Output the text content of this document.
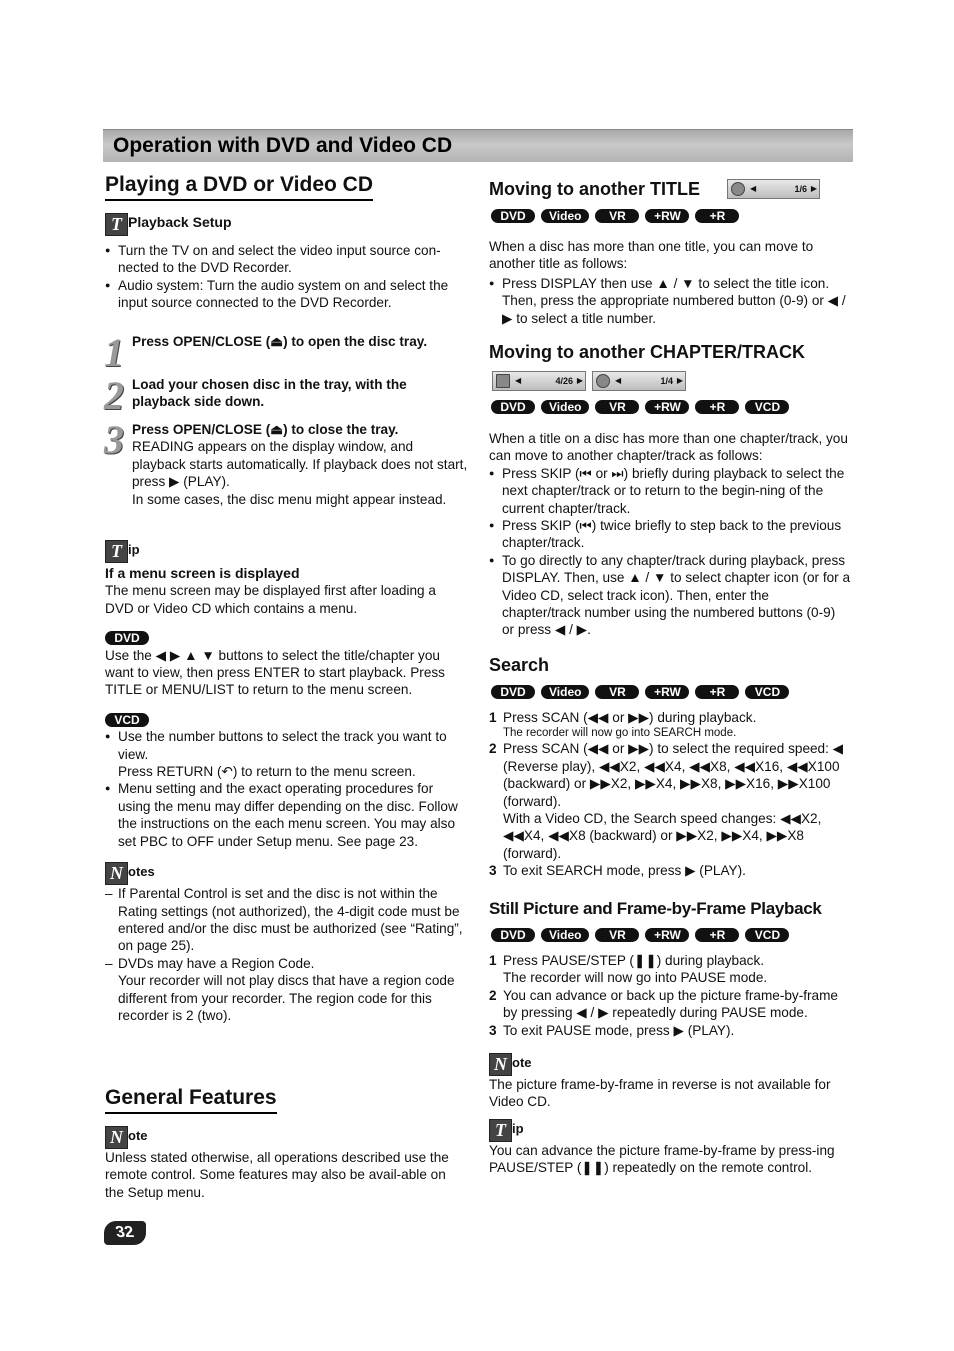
Operation with DVD and Video CD
Playing a DVD or Video CD
T Playback Setup
● Turn the TV on and select the video input source con-nected to the DVD Recorder.
● Audio system: Turn the audio system on and select the input source connected to the DVD Recorder.
1 Press OPEN/CLOSE (⏏) to open the disc tray.
2 Load your chosen disc in the tray, with the playback side down.
3 Press OPEN/CLOSE (⏏) to close the tray.
READING appears on the display window, and playback starts automatically. If playback does not start, press ▶ (PLAY).
In some cases, the disc menu might appear instead.
T ip
If a menu screen is displayed

The menu screen may be displayed first after loading a DVD or Video CD which contains a menu.

DVD

Use the ◀ ▶ ▲ ▼ buttons to select the title/chapter you want to view, then press ENTER to start playback. Press TITLE or MENU/LIST to return to the menu screen.

VCD
● Use the number buttons to select the track you want to view.
Press RETURN (↶) to return to the menu screen.
● Menu setting and the exact operating procedures for using the menu may differ depending on the disc. Follow the instructions on the each menu screen. You may also set PBC to OFF under Setup menu. See page 23.
N otes
– If Parental Control is set and the disc is not within the Rating settings (not authorized), the 4-digit code must be entered and/or the disc must be authorized (see “Rating”, on page 25).
– DVDs may have a Region Code.
Your recorder will not play discs that have a region code different from your recorder. The region code for this recorder is 2 (two).
General Features
N ote

Unless stated otherwise, all operations described use the remote control. Some features may also be avail-able on the Setup menu.

Moving to another TITLE	◀	1/6 ▶
DVD Video VR +RW +R

When a disc has more than one title, you can move to another title as follows:

● Press DISPLAY then use ▲ / ▼ to select the title icon. Then, press the appropriate numbered button (0-9) or ◀ / ▶ to select a title number.
Moving to another CHAPTER/TRACK
◀	4/26 ▶	◀	1/4 ▶
DVD Video VR +RW +R VCD

When a title on a disc has more than one chapter/track, you can move to another chapter/track as follows:

● Press SKIP (⏮ or ⏭) briefly during playback to select the next chapter/track or to return to the begin-ning of the current chapter/track.
● Press SKIP (⏮) twice briefly to step back to the previous chapter/track.
● To go directly to any chapter/track during playback, press DISPLAY. Then, use ▲ / ▼ to select chapter icon (or for a Video CD, select track icon). Then, enter the chapter/track number using the numbered buttons (0-9) or press ◀ / ▶.
Search
DVD Video VR +RW +R VCD
1 Press SCAN (◀◀ or ▶▶) during playback.
The recorder will now go into SEARCH mode.
2 Press SCAN (◀◀ or ▶▶) to select the required speed: ◀ (Reverse play), ◀◀X2, ◀◀X4, ◀◀X8, ◀◀X16, ◀◀X100 (backward) or ▶▶X2, ▶▶X4, ▶▶X8, ▶▶X16, ▶▶X100 (forward).
With a Video CD, the Search speed changes: ◀◀X2, ◀◀X4, ◀◀X8 (backward) or ▶▶X2, ▶▶X4, ▶▶X8 (forward).
3 To exit SEARCH mode, press ▶ (PLAY).
Still Picture and Frame-by-Frame Playback
DVD Video VR +RW +R VCD
1 Press PAUSE/STEP (❚❚) during playback.
The recorder will now go into PAUSE mode.
2 You can advance or back up the picture frame-by-frame by pressing ◀ / ▶ repeatedly during PAUSE mode.
3 To exit PAUSE mode, press ▶ (PLAY).
N ote

The picture frame-by-frame in reverse is not available for Video CD.

T ip

You can advance the picture frame-by-frame by press-ing PAUSE/STEP (❚❚) repeatedly on the remote control.

32
